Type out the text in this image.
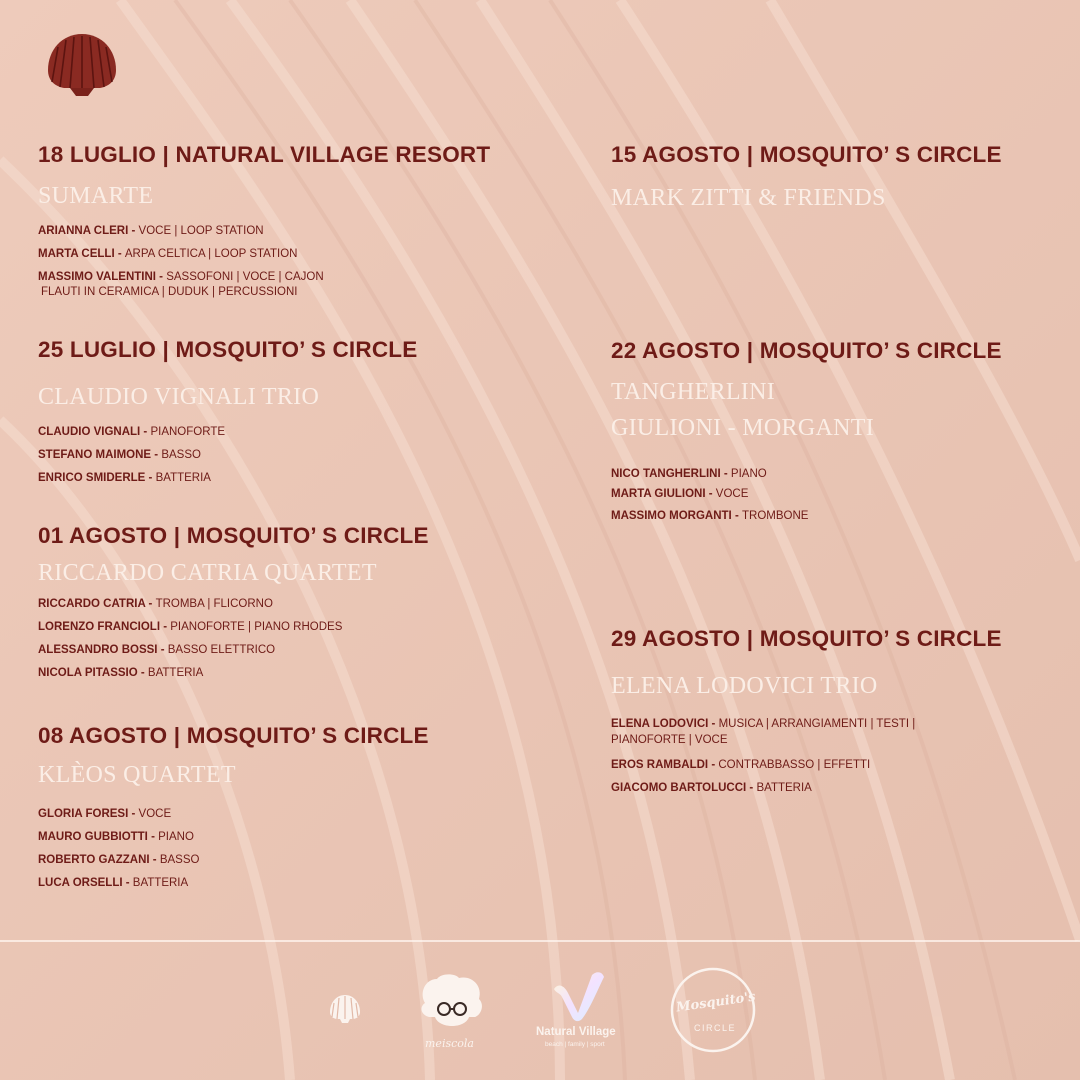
18 LUGLIO | NATURAL VILLAGE RESORT
SUMARTE
ARIANNA CLERI - VOCE | LOOP STATION
MARTA CELLI - ARPA CELTICA | LOOP STATION
MASSIMO VALENTINI - SASSOFONI | VOCE | CAJON
FLAUTI IN CERAMICA | DUDUK | PERCUSSIONI
25 LUGLIO | MOSQUITO’ S CIRCLE
CLAUDIO VIGNALI TRIO
CLAUDIO VIGNALI - PIANOFORTE
STEFANO MAIMONE - BASSO
ENRICO SMIDERLE - BATTERIA
01 AGOSTO | MOSQUITO’ S CIRCLE
RICCARDO CATRIA QUARTET
RICCARDO CATRIA - TROMBA | FLICORNO
LORENZO FRANCIOLI - PIANOFORTE | PIANO RHODES
ALESSANDRO BOSSI - BASSO ELETTRICO
NICOLA PITASSIO - BATTERIA
08 AGOSTO | MOSQUITO’ S CIRCLE
KLÈOS QUARTET
GLORIA FORESI - VOCE
MAURO GUBBIOTTI - PIANO
ROBERTO GAZZANI - BASSO
LUCA ORSELLI - BATTERIA
15 AGOSTO | MOSQUITO’ S CIRCLE
MARK ZITTI & FRIENDS
22 AGOSTO | MOSQUITO’ S CIRCLE
TANGHERLINI
GIULIONI - MORGANTI
NICO TANGHERLINI - PIANO
MARTA GIULIONI - VOCE
MASSIMO MORGANTI - TROMBONE
29 AGOSTO | MOSQUITO’ S CIRCLE
ELENA LODOVICI TRIO
ELENA LODOVICI - MUSICA | ARRANGIAMENTI | TESTI | PIANOFORTE | VOCE
EROS RAMBALDI - CONTRABBASSO | EFFETTI
GIACOMO BARTOLUCCI - BATTERIA
meiscola
Natural Village
beach | family | sport
Mosquito's
CIRCLE
